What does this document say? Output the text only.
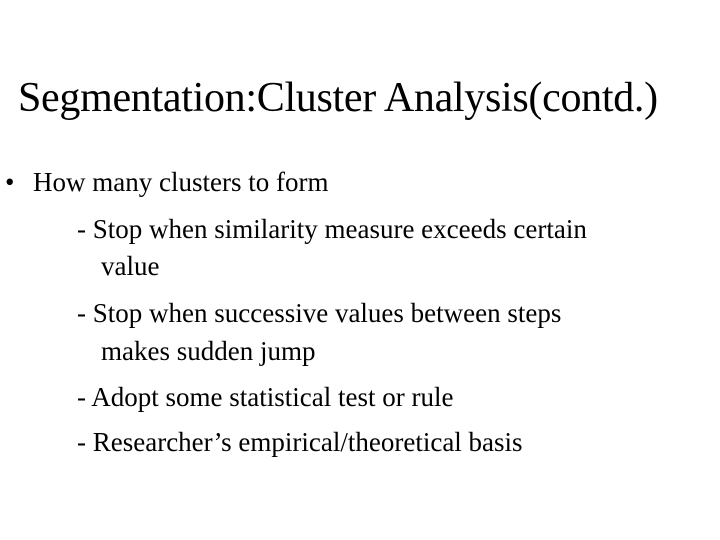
Segmentation:Cluster Analysis(contd.)
• How many clusters to form
- Stop when similarity measure exceeds certain
value
- Stop when successive values between steps
makes sudden jump
- Adopt some statistical test or rule
- Researcher’s empirical/theoretical basis
